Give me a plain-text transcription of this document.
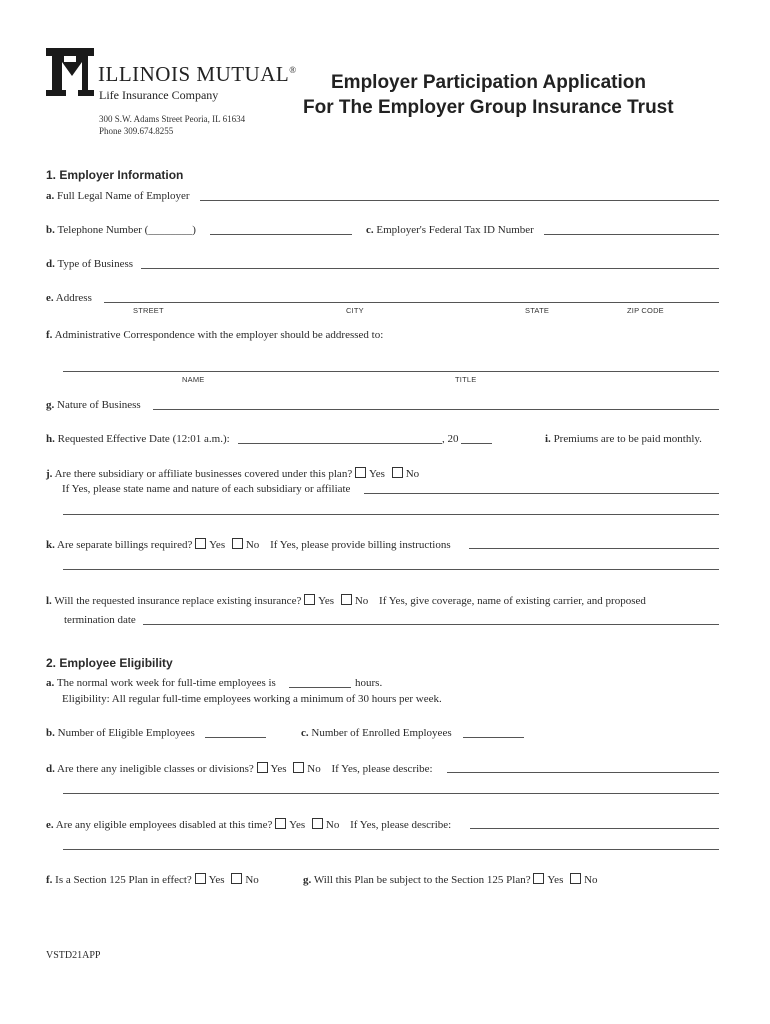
ILLINOIS MUTUAL®
Life Insurance Company
300 S.W. Adams Street Peoria, IL 61634
Phone 309.674.8255
Employer Participation Application
For The Employer Group Insurance Trust
1. Employer Information
a. Full Legal Name of Employer
b. Telephone Number (________)	c. Employer's Federal Tax ID Number
d. Type of Business
e. Address
STREET	CITY	STATE	ZIP CODE
f. Administrative Correspondence with the employer should be addressed to:
NAME	TITLE
g. Nature of Business
h. Requested Effective Date (12:01 a.m.):	, 20	i. Premiums are to be paid monthly.
j. Are there subsidiary or affiliate businesses covered under this plan? Yes No
If Yes, please state name and nature of each subsidiary or affiliate
k. Are separate billings required? Yes No If Yes, please provide billing instructions
l. Will the requested insurance replace existing insurance? Yes No If Yes, give coverage, name of existing carrier, and proposed
termination date
2. Employee Eligibility
a. The normal work week for full-time employees is	hours.
Eligibility: All regular full-time employees working a minimum of 30 hours per week.
b. Number of Eligible Employees	c. Number of Enrolled Employees
d. Are there any ineligible classes or divisions? Yes No If Yes, please describe:
e. Are any eligible employees disabled at this time? Yes No If Yes, please describe:
f. Is a Section 125 Plan in effect? Yes No	g. Will this Plan be subject to the Section 125 Plan? Yes No
VSTD21APP
